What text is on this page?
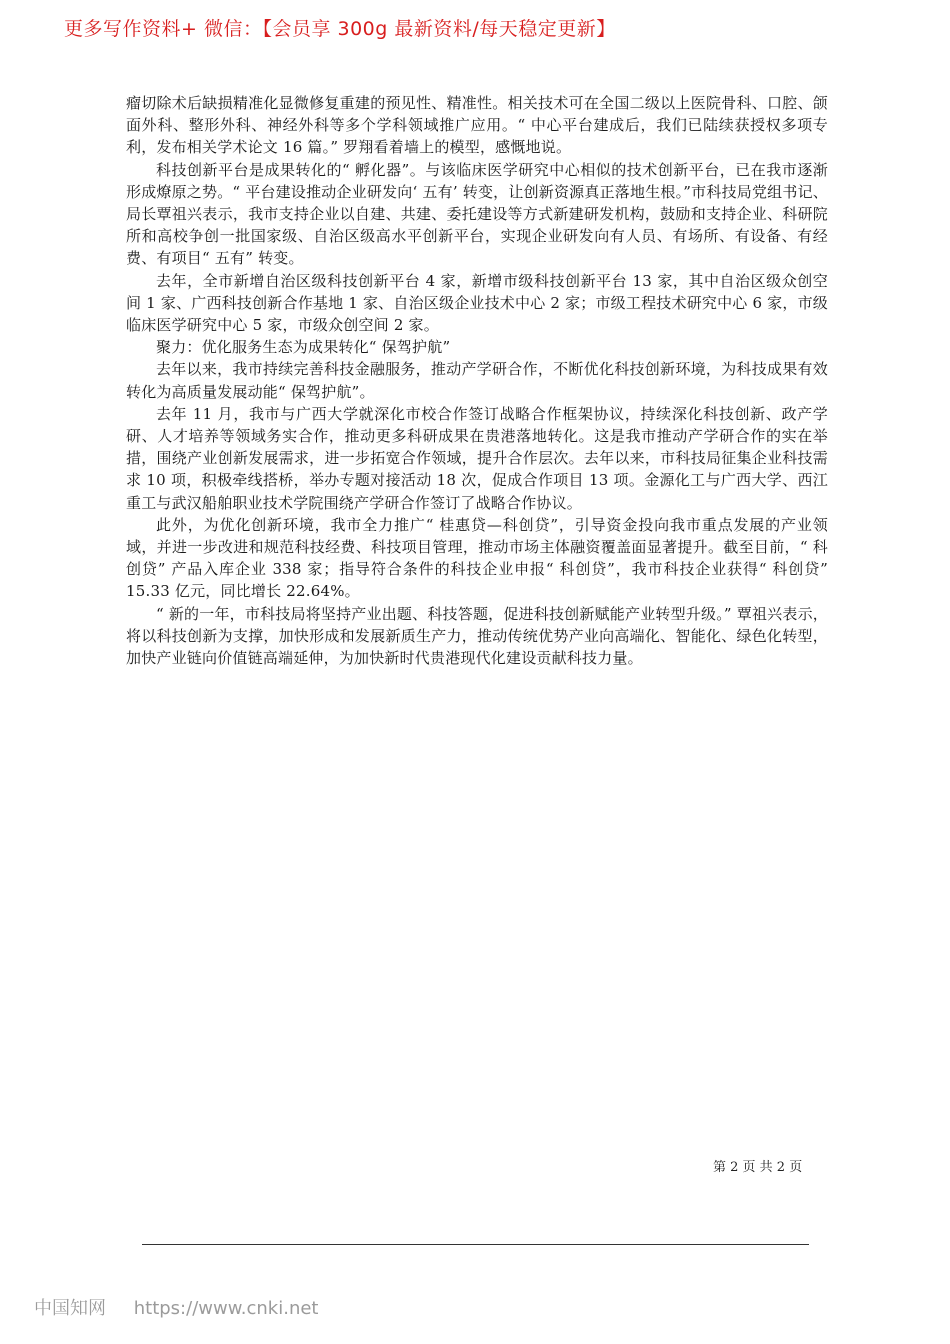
更多写作资料+ 微信：【会员享 300g 最新资料/每天稳定更新】

瘤切除术后缺损精准化显微修复重建的预见性、精准性。相关技术可在全国二级以上医院骨科、口腔、颌面外科、整形外科、神经外科等多个学科领域推广应用。“ 中心平台建成后，我们已陆续获授权多项专利，发布相关学术论文 16 篇。” 罗翔看着墙上的模型，感慨地说。

科技创新平台是成果转化的“ 孵化器”。与该临床医学研究中心相似的技术创新平台，已在我市逐渐形成燎原之势。“ 平台建设推动企业研发向‘ 五有’ 转变，让创新资源真正落地生根。”市科技局党组书记、局长覃祖兴表示，我市支持企业以自建、共建、委托建设等方式新建研发机构，鼓励和支持企业、科研院所和高校争创一批国家级、自治区级高水平创新平台，实现企业研发向有人员、有场所、有设备、有经费、有项目“ 五有” 转变。

去年，全市新增自治区级科技创新平台 4 家，新增市级科技创新平台 13 家，其中自治区级众创空间 1 家、广西科技创新合作基地 1 家、自治区级企业技术中心 2 家；市级工程技术研究中心 6 家，市级临床医学研究中心 5 家，市级众创空间 2 家。

聚力：优化服务生态为成果转化“ 保驾护航”

去年以来，我市持续完善科技金融服务，推动产学研合作，不断优化科技创新环境，为科技成果有效转化为高质量发展动能“ 保驾护航”。

去年 11 月，我市与广西大学就深化市校合作签订战略合作框架协议，持续深化科技创新、政产学研、人才培养等领域务实合作，推动更多科研成果在贵港落地转化。这是我市推动产学研合作的实在举措，围绕产业创新发展需求，进一步拓宽合作领域，提升合作层次。去年以来，市科技局征集企业科技需求 10 项，积极牵线搭桥，举办专题对接活动 18 次，促成合作项目 13 项。金源化工与广西大学、西江重工与武汉船舶职业技术学院围绕产学研合作签订了战略合作协议。

此外，为优化创新环境，我市全力推广“ 桂惠贷—科创贷”，引导资金投向我市重点发展的产业领域，并进一步改进和规范科技经费、科技项目管理，推动市场主体融资覆盖面显著提升。截至目前，“ 科创贷” 产品入库企业 338 家；指导符合条件的科技企业申报“ 科创贷”，我市科技企业获得“ 科创贷” 15.33 亿元，同比增长 22.64%。

“ 新的一年，市科技局将坚持产业出题、科技答题，促进科技创新赋能产业转型升级。” 覃祖兴表示，将以科技创新为支撑，加快形成和发展新质生产力，推动传统优势产业向高端化、智能化、绿色化转型，加快产业链向价值链高端延伸，为加快新时代贵港现代化建设贡献科技力量。

第 2 页 共 2 页
中国知网 https://www.cnki.net
